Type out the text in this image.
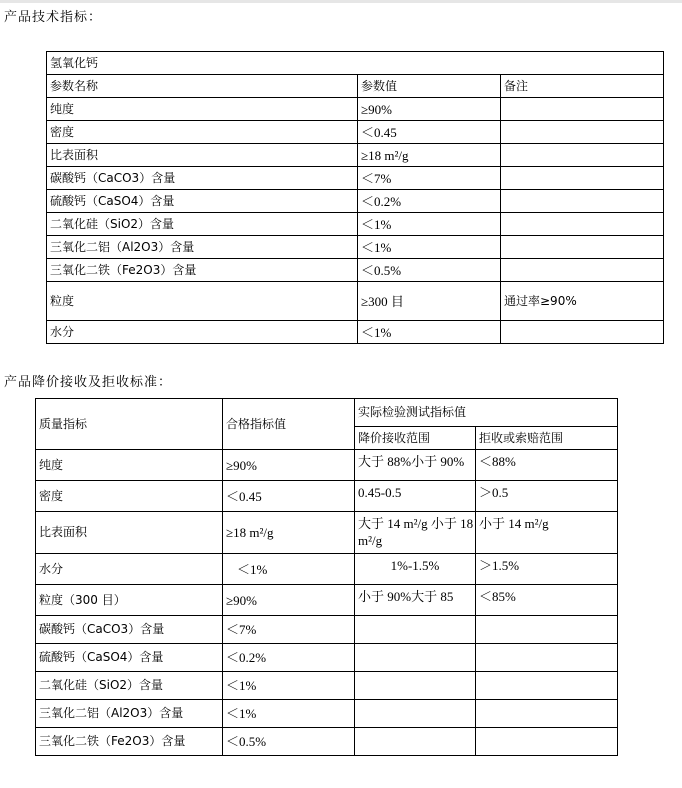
产品技术指标：
氢氧化钙		
参数名称	参数值	备注
纯度	≥90%	
密度	＜0.45	
比表面积	≥18 m²/g	
碳酸钙（CaCO3）含量	＜7%	
硫酸钙（CaSO4）含量	＜0.2%	
二氧化硅（SiO2）含量	＜1%	
三氧化二铝（Al2O3）含量	＜1%	
三氧化二铁（Fe2O3）含量	＜0.5%	
粒度	≥300 目	通过率≥90%
水分	＜1%	
产品降价接收及拒收标准：
质量指标	合格指标值	实际检验测试指标值	
		降价接收范围	拒收或索赔范围
纯度	≥90%	大于 88%小于 90%	＜88%
密度	＜0.45	0.45-0.5	＞0.5
比表面积	≥18 m²/g	大于 14 m²/g 小于 18 m²/g	小于 14 m²/g
水分	＜1%	1%-1.5%	＞1.5%
粒度（300 目）	≥90%	小于 90%大于 85	＜85%
碳酸钙（CaCO3）含量	＜7%		
硫酸钙（CaSO4）含量	＜0.2%		
二氧化硅（SiO2）含量	＜1%		
三氧化二铝（Al2O3）含量	＜1%		
三氧化二铁（Fe2O3）含量	＜0.5%		
